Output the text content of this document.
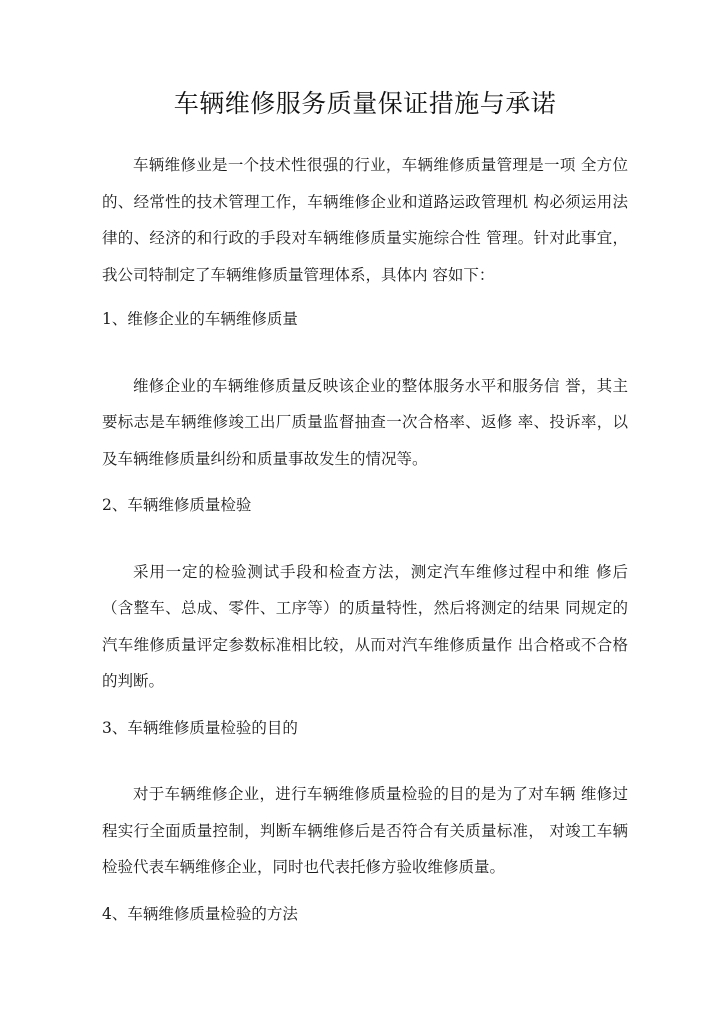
车辆维修服务质量保证措施与承诺

车辆维修业是一个技术性很强的行业，车辆维修质量管理是一项 全方位的、经常性的技术管理工作，车辆维修企业和道路运政管理机 构必须运用法律的、经济的和行政的手段对车辆维修质量实施综合性 管理。针对此事宜，我公司特制定了车辆维修质量管理体系，具体内 容如下：

1、维修企业的车辆维修质量

维修企业的车辆维修质量反映该企业的整体服务水平和服务信 誉，其主要标志是车辆维修竣工出厂质量监督抽查一次合格率、返修 率、投诉率，以及车辆维修质量纠纷和质量事故发生的情况等。

2、车辆维修质量检验

采用一定的检验测试手段和检查方法，测定汽车维修过程中和维 修后（含整车、总成、零件、工序等）的质量特性，然后将测定的结果 同规定的汽车维修质量评定参数标准相比较，从而对汽车维修质量作 出合格或不合格的判断。

3、车辆维修质量检验的目的

对于车辆维修企业，进行车辆维修质量检验的目的是为了对车辆 维修过程实行全面质量控制，判断车辆维修后是否符合有关质量标准， 对竣工车辆检验代表车辆维修企业，同时也代表托修方验收维修质量。

4、车辆维修质量检验的方法
